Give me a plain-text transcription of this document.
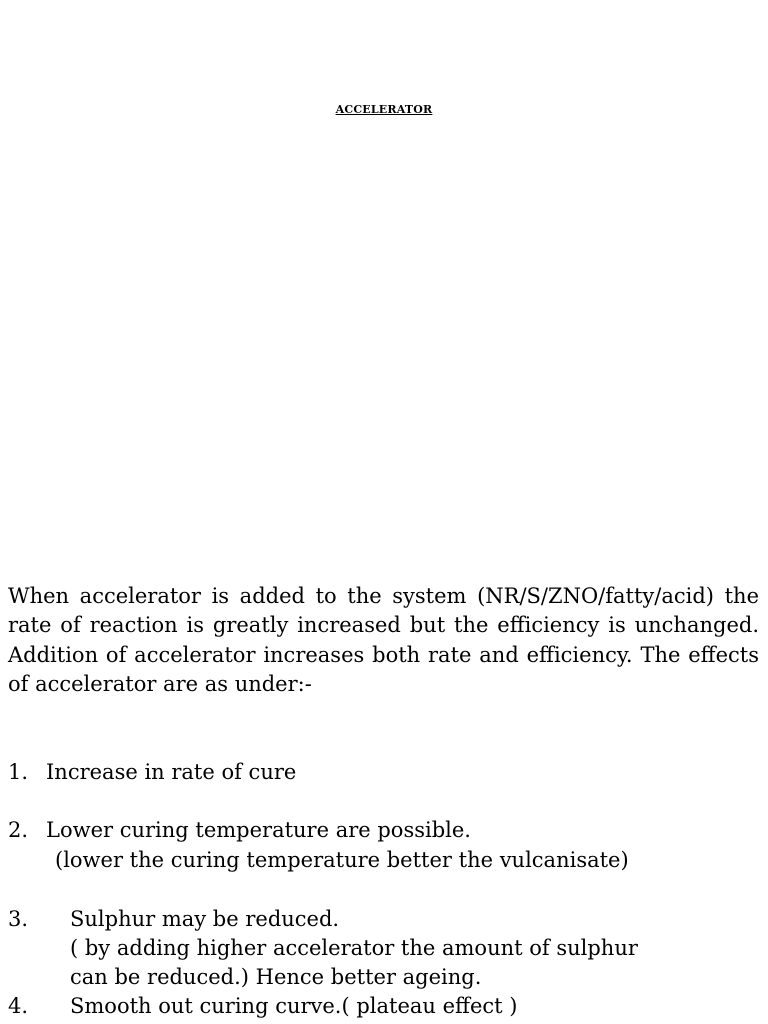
ACCELERATOR

When accelerator is added to the system (NR/S/ZNO/fatty/acid) the rate of reaction is greatly increased but the efficiency is unchanged. Addition of accelerator increases both rate and efficiency. The effects of accelerator are as under:-

1. Increase in rate of cure
2. Lower curing temperature are possible.
(lower the curing temperature better the vulcanisate)
3. Sulphur may be reduced.
( by adding higher accelerator the amount of sulphur
can be reduced.) Hence better ageing.
4. Smooth out curing curve.( plateau effect )
